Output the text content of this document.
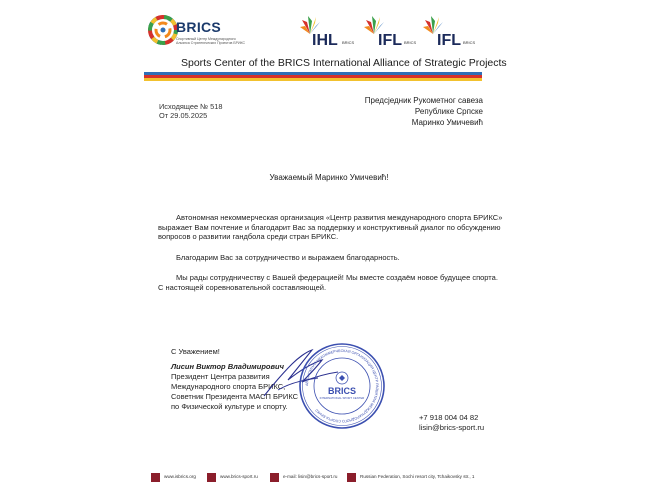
BRICS
Спортивный Центр Международного
Альянса Стратегических Проектов БРИКС	IHL BRICS IFL BRICS IFL BRICS
Sports Center of the BRICS International Alliance of Strategic Projects
Исходящее № 518
От 29.05.2025
Предсједник Рукометног савеза
Републике Српске
Маринко Умичевић
Уважаемый Маринко Умичевић!
Автономная некоммерческая организация «Центр развития международного спорта БРИКС» выражает Вам почтение и благодарит Вас за поддержку и конструктивный диалог по обсуждению вопросов о развитии гандбола среди стран БРИКС.
Благодарим Вас за сотрудничество и выражаем благодарность.
Мы рады сотрудничеству с Вашей федерацией! Мы вместе создаём новое будущее спорта. С настоящей соревновательной составляющей.
С Уважением!
Лисин Виктор Владимирович
Президент Центра развития
Международного спорта БРИКС,
Советник Президента МАСП БРИКС
по Физической культуре и спорту.
АВТОНОМНАЯ НЕКОММЕРЧЕСКАЯ ОРГАНИЗАЦИЯ ЦЕНТР РАЗВИТИЯ МЕЖДУНАРОДНОГО СПОРТА БРИКС
BRICS
INTERNATIONAL SPORT CENTER
+7 918 004 04 82
lisin@brics-sport.ru
www.isbrics.org	www.brics-sport.ru	e-mail: lisin@brics-sport.ru	Russian Federation, Sochi resort city, Tchaikovsky str., 1
